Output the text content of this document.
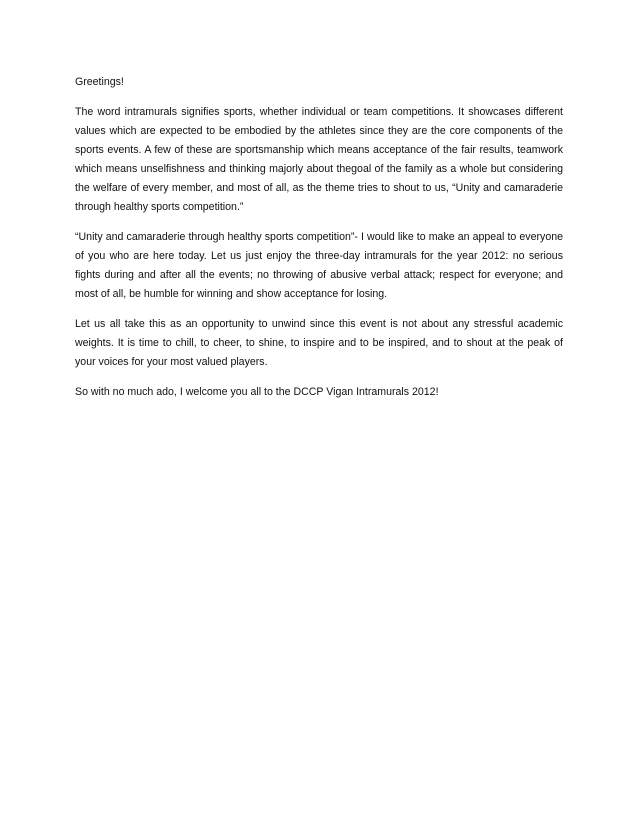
Greetings!

The word intramurals signifies sports, whether individual or team competitions. It showcases different values which are expected to be embodied by the athletes since they are the core components of the sports events. A few of these are sportsmanship which means acceptance of the fair results, teamwork which means unselfishness and thinking majorly about thegoal of the family as a whole but considering the welfare of every member, and most of all, as the theme tries to shout to us, “Unity and camaraderie through healthy sports competition.”

“Unity and camaraderie through healthy sports competition”- I would like to make an appeal to everyone of you who are here today. Let us just enjoy the three-day intramurals for the year 2012: no serious fights during and after all the events; no throwing of abusive verbal attack; respect for everyone; and most of all, be humble for winning and show acceptance for losing.

Let us all take this as an opportunity to unwind since this event is not about any stressful academic weights. It is time to chill, to cheer, to shine, to inspire and to be inspired, and to shout at the peak of your voices for your most valued players.

So with no much ado, I welcome you all to the DCCP Vigan Intramurals 2012!
